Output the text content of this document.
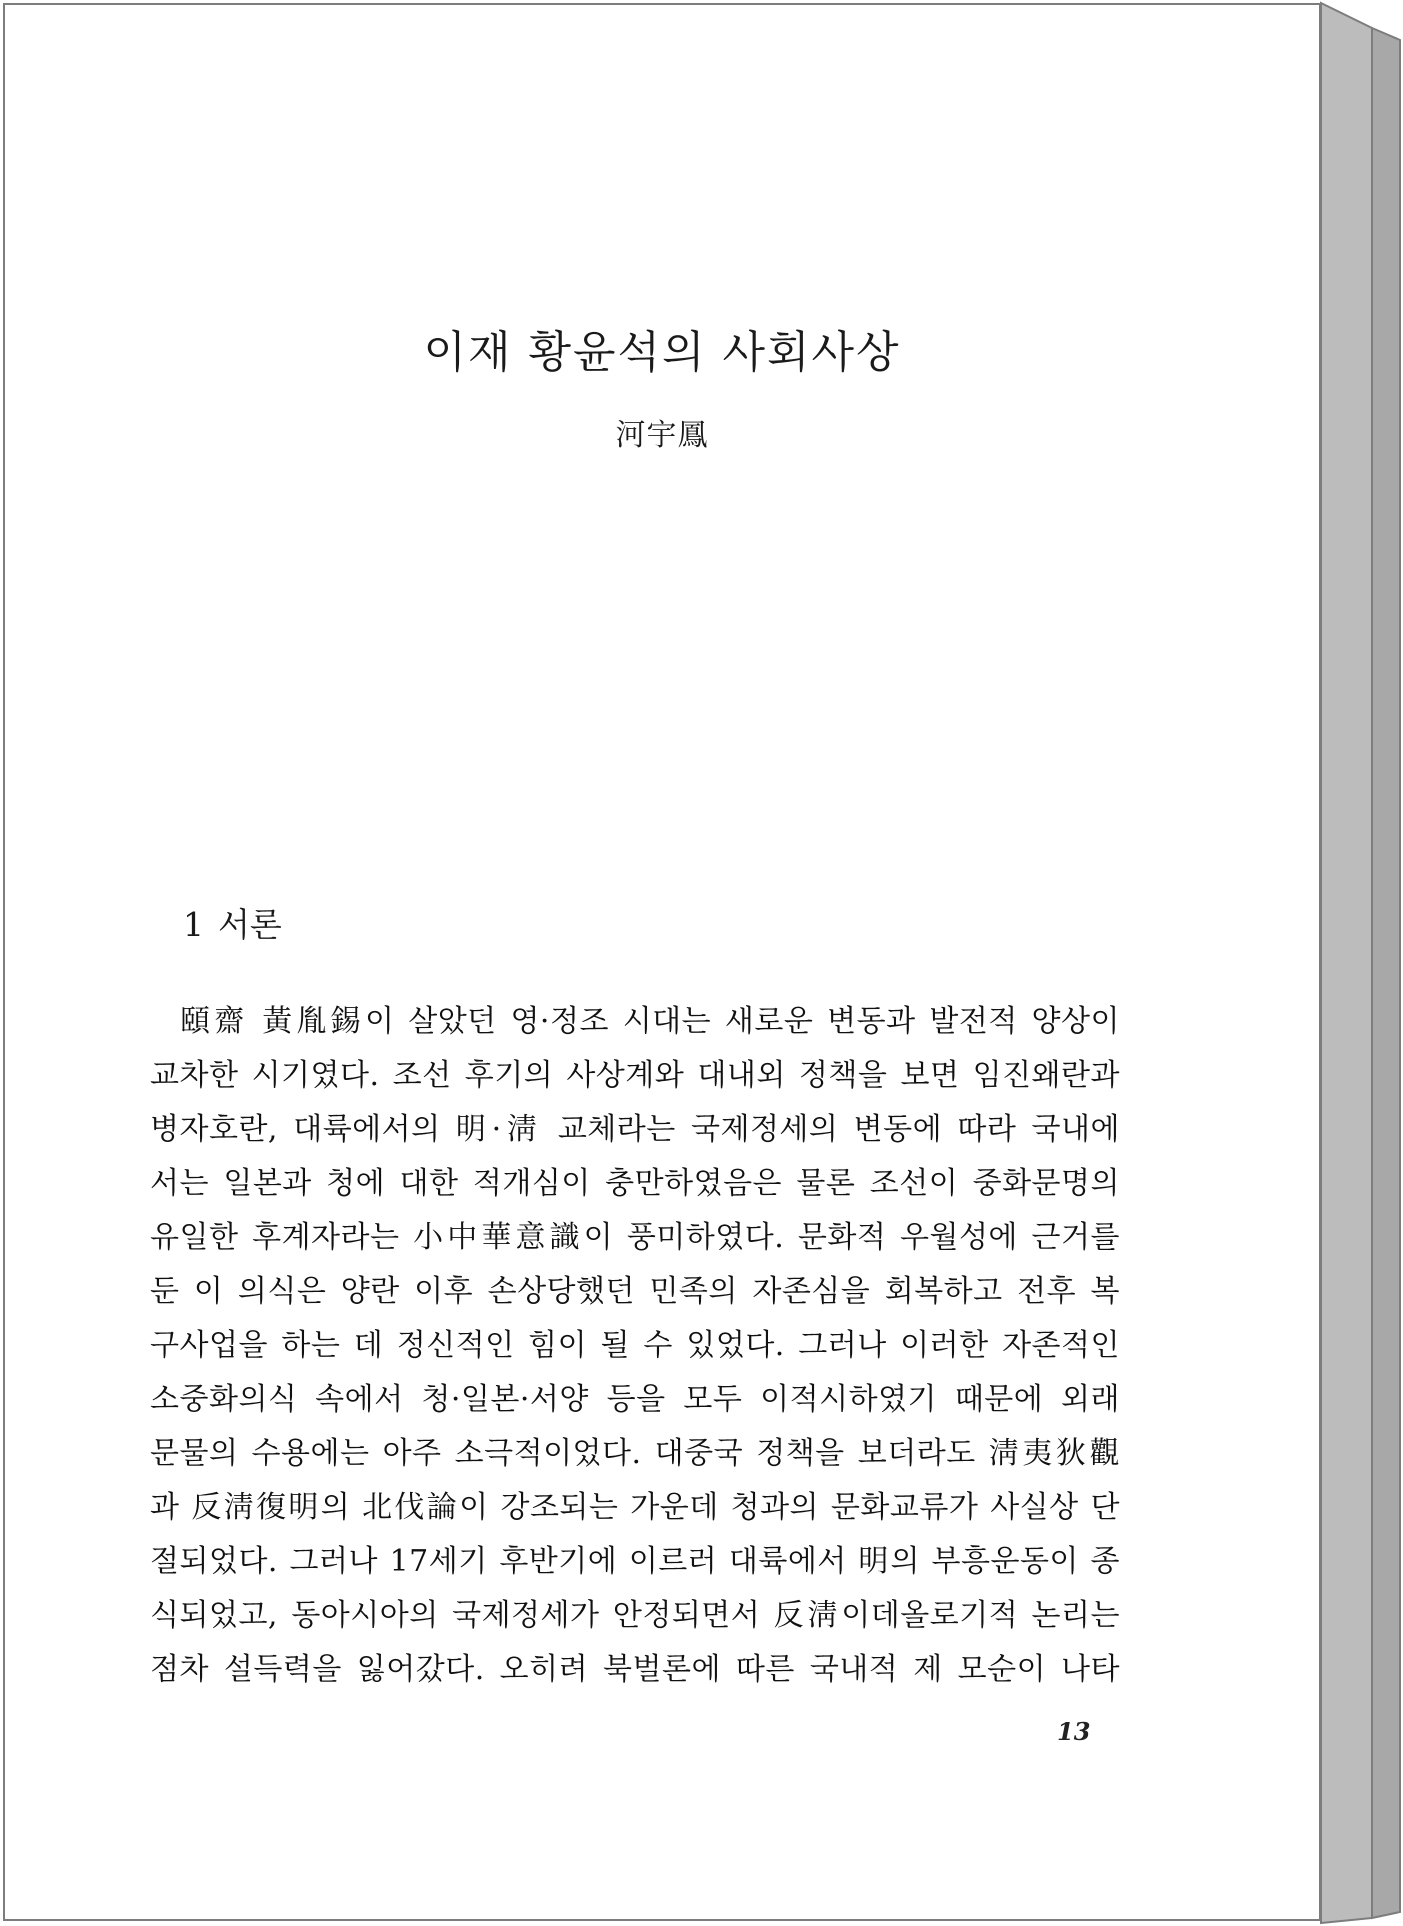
이재 황윤석의 사회사상
河宇鳳
1 서론
頤齋 黃胤錫이 살았던 영·정조 시대는 새로운 변동과 발전적 양상이
교차한 시기였다. 조선 후기의 사상계와 대내외 정책을 보면 임진왜란과
병자호란, 대륙에서의 明·淸 교체라는 국제정세의 변동에 따라 국내에
서는 일본과 청에 대한 적개심이 충만하였음은 물론 조선이 중화문명의
유일한 후계자라는 小中華意識이 풍미하였다. 문화적 우월성에 근거를
둔 이 의식은 양란 이후 손상당했던 민족의 자존심을 회복하고 전후 복
구사업을 하는 데 정신적인 힘이 될 수 있었다. 그러나 이러한 자존적인
소중화의식 속에서 청·일본·서양 등을 모두 이적시하였기 때문에 외래
문물의 수용에는 아주 소극적이었다. 대중국 정책을 보더라도 淸夷狄觀
과 反淸復明의 北伐論이 강조되는 가운데 청과의 문화교류가 사실상 단
절되었다. 그러나 17세기 후반기에 이르러 대륙에서 明의 부흥운동이 종
식되었고, 동아시아의 국제정세가 안정되면서 反淸이데올로기적 논리는
점차 설득력을 잃어갔다. 오히려 북벌론에 따른 국내적 제 모순이 나타
13
